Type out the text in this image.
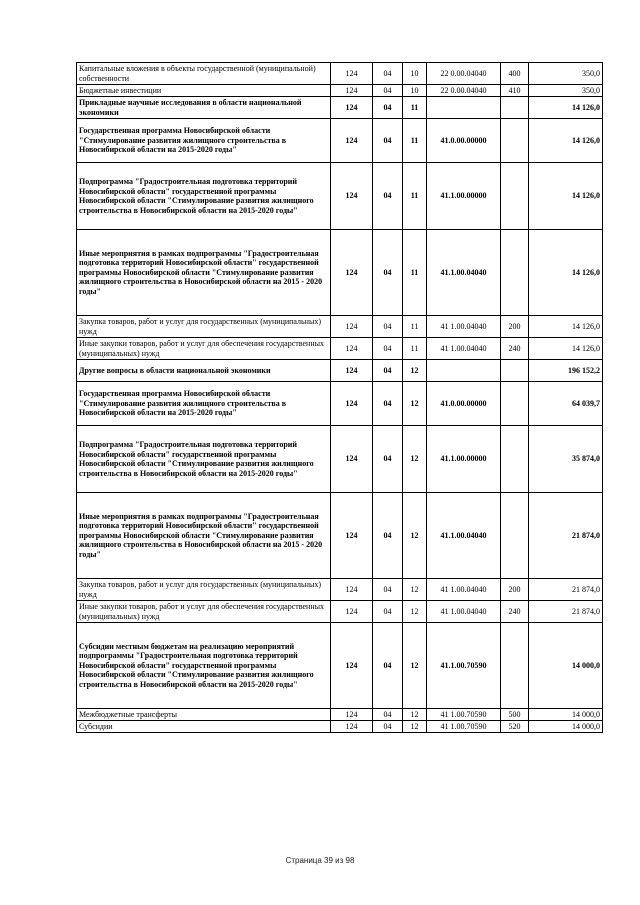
Капитальные вложения в объекты государственной (муниципальной) собственности	124	04	10	22 0.00.04040	400	350,0
Бюджетные инвестиции	124	04	10	22 0.00.04040	410	350,0
Прикладные научные исследования в области национальной экономики	124	04	11			14 126,0
Государственная программа Новосибирской области "Стимулирование развития жилищного строительства в Новосибирской области на 2015-2020 годы"	124	04	11	41.0.00.00000		14 126,0
Подпрограмма "Градостроительная подготовка территорий Новосибирской области" государственной программы Новосибирской области "Стимулирование развития жилищного строительства в Новосибирской области на 2015-2020 годы"	124	04	11	41.1.00.00000		14 126,0
Иные мероприятия в рамках подпрограммы "Градостроительная подготовка территорий Новосибирской области" государственной программы Новосибирской области "Стимулирование развития жилищного строительства в Новосибирской области на 2015 - 2020 годы"	124	04	11	41.1.00.04040		14 126,0
Закупка товаров, работ и услуг для государственных (муниципальных) нужд	124	04	11	41 1.00.04040	200	14 126,0
Иные закупки товаров, работ и услуг для обеспечения государственных (муниципальных) нужд	124	04	11	41 1.00.04040	240	14 126,0
Другие вопросы в области национальной экономики	124	04	12			196 152,2
Государственная программа Новосибирской области "Стимулирование развития жилищного строительства в Новосибирской области на 2015-2020 годы"	124	04	12	41.0.00.00000		64 039,7
Подпрограмма "Градостроительная подготовка территорий Новосибирской области" государственной программы Новосибирской области "Стимулирование развития жилищного строительства в Новосибирской области на 2015-2020 годы"	124	04	12	41.1.00.00000		35 874,0
Иные мероприятия в рамках подпрограммы "Градостроительная подготовка территорий Новосибирской области" государственной программы Новосибирской области "Стимулирование развития жилищного строительства в Новосибирской области на 2015 - 2020 годы"	124	04	12	41.1.00.04040		21 874,0
Закупка товаров, работ и услуг для государственных (муниципальных) нужд	124	04	12	41 1.00.04040	200	21 874,0
Иные закупки товаров, работ и услуг для обеспечения государственных (муниципальных) нужд	124	04	12	41 1.00.04040	240	21 874,0
Субсидии местным бюджетам на реализацию мероприятий подпрограммы "Градостроительная подготовка территорий Новосибирской области" государственной программы Новосибирской области "Стимулирование развития жилищного строительства в Новосибирской области на 2015-2020 годы"	124	04	12	41.1.00.70590		14 000,0
Межбюджетные трансферты	124	04	12	41 1.00.70590	500	14 000,0
Субсидии	124	04	12	41 1.00.70590	520	14 000,0
Страница 39 из 98
